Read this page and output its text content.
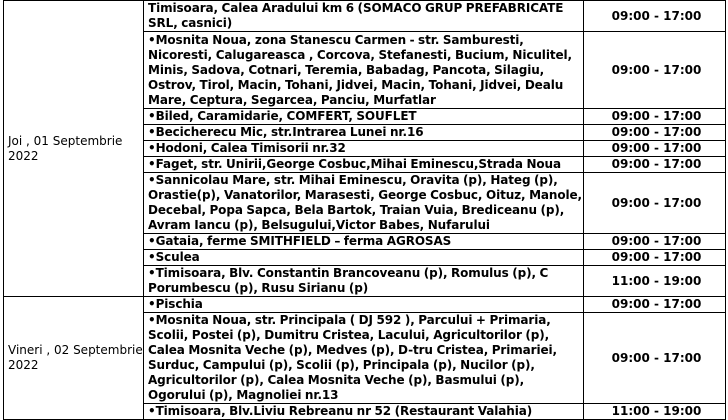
Joi , 01 Septembrie 2022	Timisoara, Calea Aradului km 6 (SOMACO GRUP PREFABRICATE SRL, casnici)	09:00 - 17:00
	•Mosnita Noua, zona Stanescu Carmen - str. Samburesti, Nicoresti, Calugareasca , Corcova, Stefanesti, Bucium, Niculitel, Minis, Sadova, Cotnari, Teremia, Babadag, Pancota, Silagiu, Ostrov, Tirol, Macin, Tohani, Jidvei, Macin, Tohani, Jidvei, Dealu Mare, Ceptura, Segarcea, Panciu, Murfatlar	09:00 - 17:00
	•Biled, Caramidarie, COMFERT, SOUFLET	09:00 - 17:00
	•Becicherecu Mic, str.Intrarea Lunei nr.16	09:00 - 17:00
	•Hodoni, Calea Timisorii nr.32	09:00 - 17:00
	•Faget, str. Unirii,George Cosbuc,Mihai Eminescu,Strada Noua	09:00 - 17:00
	•Sannicolau Mare, str. Mihai Eminescu, Oravita (p), Hateg (p), Orastie(p), Vanatorilor, Marasesti, George Cosbuc, Oituz, Manole, Decebal, Popa Sapca, Bela Bartok, Traian Vuia, Brediceanu (p), Avram Iancu (p), Belsugului,Victor Babes, Nufarului	09:00 - 17:00
	•Gataia, ferme SMITHFIELD – ferma AGROSAS	09:00 - 17:00
	•Sculea	09:00 - 17:00
	•Timisoara, Blv. Constantin Brancoveanu (p), Romulus (p), C Porumbescu (p), Rusu Sirianu (p)	11:00 - 19:00
Vineri , 02 Septembrie 2022	•Pischia	09:00 - 17:00
	•Mosnita Noua, str. Principala ( DJ 592 ), Parcului + Primaria, Scolii, Postei (p), Dumitru Cristea, Lacului, Agricultorilor (p), Calea Mosnita Veche (p), Medves (p), D-tru Cristea, Primariei, Surduc, Campului (p), Scolii (p), Principala (p), Nucilor (p), Agricultorilor (p), Calea Mosnita Veche (p), Basmului (p), Ogorului (p), Magnoliei nr.13	09:00 - 17:00
	•Timisoara, Blv.Liviu Rebreanu nr 52 (Restaurant Valahia)	11:00 - 19:00
